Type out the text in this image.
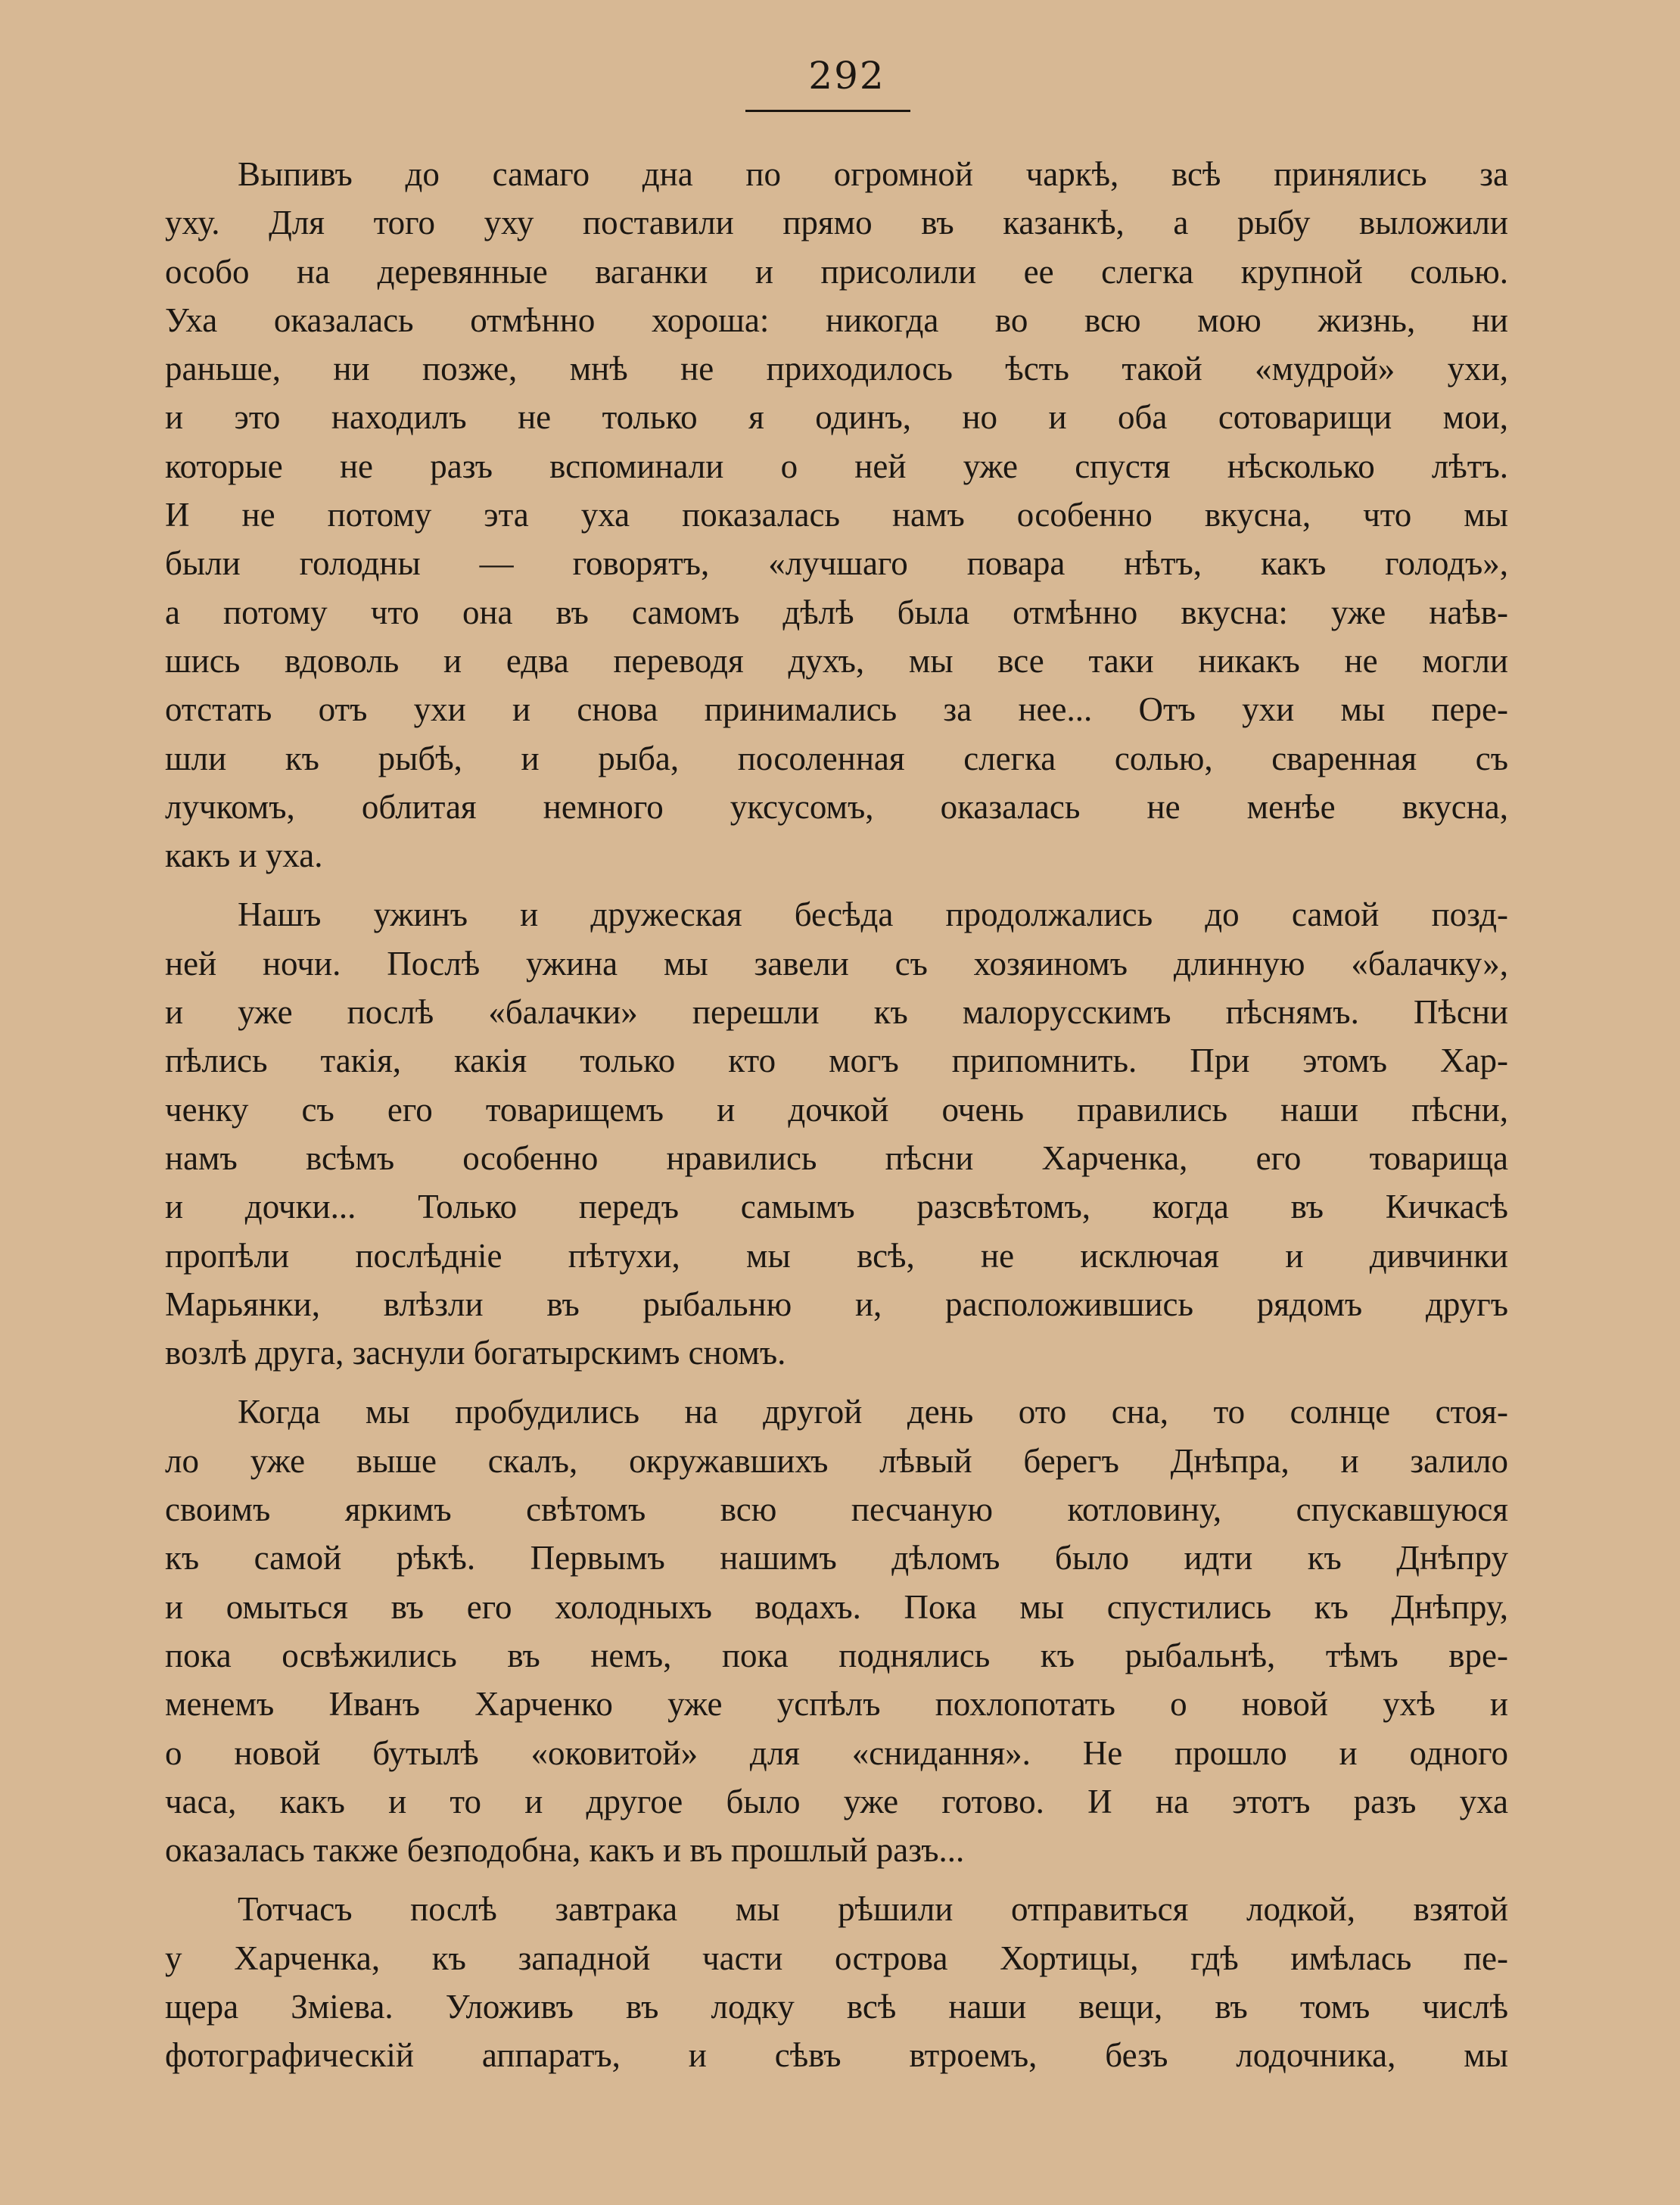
292
Выпивъ до самаго дна по огромной чаркѣ, всѣ принялись за
уху. Для того уху поставили прямо въ казанкѣ, а рыбу выложили
особо на деревянные ваганки и присолили ее слегка крупной солью.
Уха оказалась отмѣнно хороша: никогда во всю мою жизнь, ни
раньше, ни позже, мнѣ не приходилось ѣсть такой «мудрой» ухи,
и это находилъ не только я одинъ, но и оба сотоварищи мои,
которые не разъ вспоминали о ней уже спустя нѣсколько лѣтъ.
И не потому эта уха показалась намъ особенно вкусна, что мы
были голодны — говорятъ, «лучшаго повара нѣтъ, какъ голодъ»,
а потому что она въ самомъ дѣлѣ была отмѣнно вкусна: уже наѣв-
шись вдоволь и едва переводя духъ, мы все таки никакъ не могли
отстать отъ ухи и снова принимались за нее... Отъ ухи мы пере-
шли къ рыбѣ, и рыба, посоленная слегка солью, сваренная съ
лучкомъ, облитая немного уксусомъ, оказалась не менѣе вкусна,
какъ и уха.
Нашъ ужинъ и дружеская бесѣда продолжались до самой позд-
ней ночи. Послѣ ужина мы завели съ хозяиномъ длинную «балачку»,
и уже послѣ «балачки» перешли къ малорусскимъ пѣснямъ. Пѣсни
пѣлись такія, какія только кто могъ припомнить. При этомъ Хар-
ченку съ его товарищемъ и дочкой очень правились наши пѣсни,
намъ всѣмъ особенно нравились пѣсни Харченка, его товарища
и дочки... Только передъ самымъ разсвѣтомъ, когда въ Кичкасѣ
пропѣли послѣдніе пѣтухи, мы всѣ, не исключая и дивчинки
Марьянки, влѣзли въ рыбальню и, расположившись рядомъ другъ
возлѣ друга, заснули богатырскимъ сномъ.
Когда мы пробудились на другой день ото сна, то солнце стоя-
ло уже выше скалъ, окружавшихъ лѣвый берегъ Днѣпра, и залило
своимъ яркимъ свѣтомъ всю песчаную котловину, спускавшуюся
къ самой рѣкѣ. Первымъ нашимъ дѣломъ было идти къ Днѣпру
и омыться въ его холодныхъ водахъ. Пока мы спустились къ Днѣпру,
пока освѣжились въ немъ, пока поднялись къ рыбальнѣ, тѣмъ вре-
менемъ Иванъ Харченко уже успѣлъ похлопотать о новой ухѣ и
о новой бутылѣ «оковитой» для «снидання». Не прошло и одного
часа, какъ и то и другое было уже готово. И на этотъ разъ уха
оказалась также безподобна, какъ и въ прошлый разъ...
Тотчасъ послѣ завтрака мы рѣшили отправиться лодкой, взятой
у Харченка, къ западной части острова Хортицы, гдѣ имѣлась пе-
щера Зміева. Уложивъ въ лодку всѣ наши вещи, въ томъ числѣ
фотографическій аппаратъ, и сѣвъ втроемъ, безъ лодочника, мы
